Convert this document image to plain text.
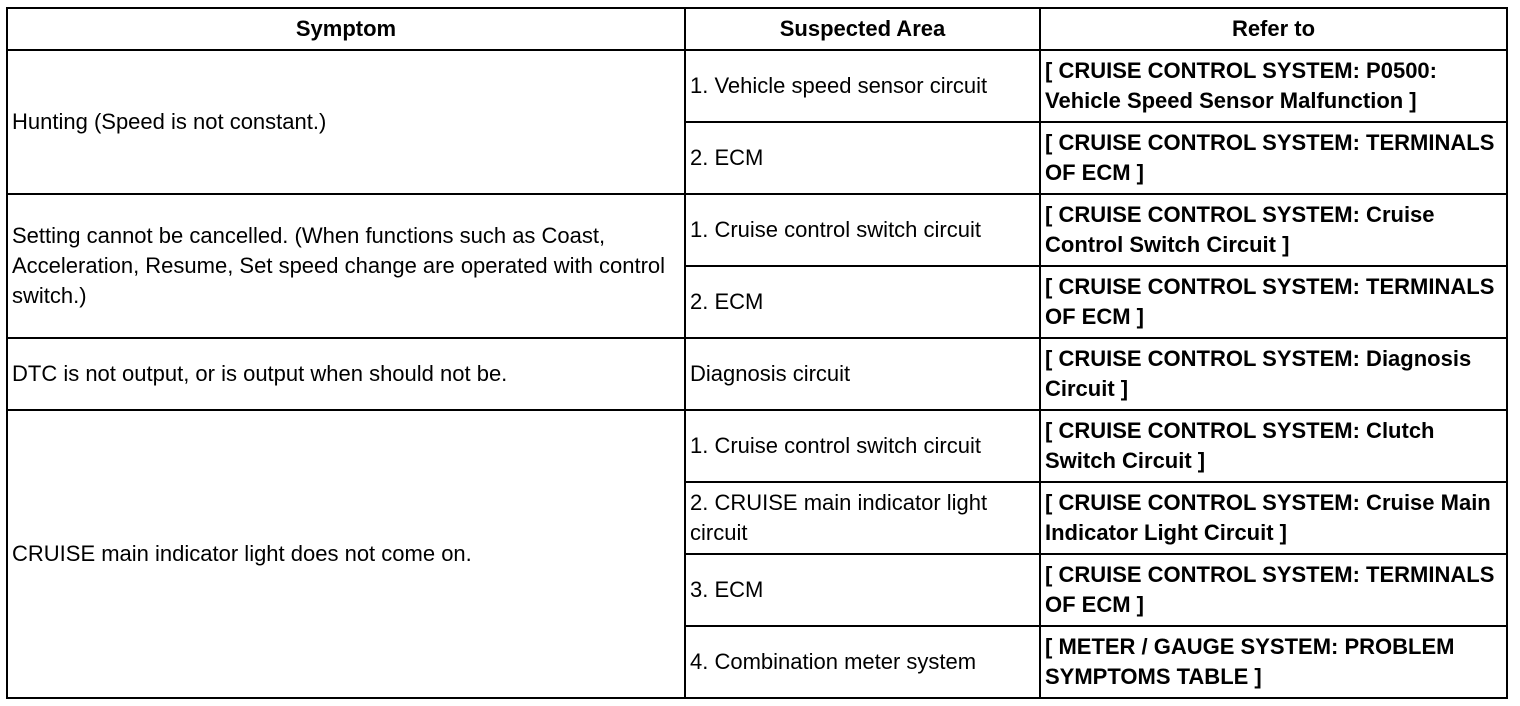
Symptom	Suspected Area	Refer to
Hunting (Speed is not constant.)	1. Vehicle speed sensor circuit	[ CRUISE CONTROL SYSTEM: P0500: Vehicle Speed Sensor Malfunction ]
	2. ECM	[ CRUISE CONTROL SYSTEM: TERMINALS OF ECM ]
Setting cannot be cancelled. (When functions such as Coast, Acceleration, Resume, Set speed change are operated with control switch.)	1. Cruise control switch circuit	[ CRUISE CONTROL SYSTEM: Cruise Control Switch Circuit ]
	2. ECM	[ CRUISE CONTROL SYSTEM: TERMINALS OF ECM ]
DTC is not output, or is output when should not be.	Diagnosis circuit	[ CRUISE CONTROL SYSTEM: Diagnosis Circuit ]
CRUISE main indicator light does not come on.	1. Cruise control switch circuit	[ CRUISE CONTROL SYSTEM: Clutch Switch Circuit ]
	2. CRUISE main indicator light circuit	[ CRUISE CONTROL SYSTEM: Cruise Main Indicator Light Circuit ]
	3. ECM	[ CRUISE CONTROL SYSTEM: TERMINALS OF ECM ]
	4. Combination meter system	[ METER / GAUGE SYSTEM: PROBLEM SYMPTOMS TABLE ]
